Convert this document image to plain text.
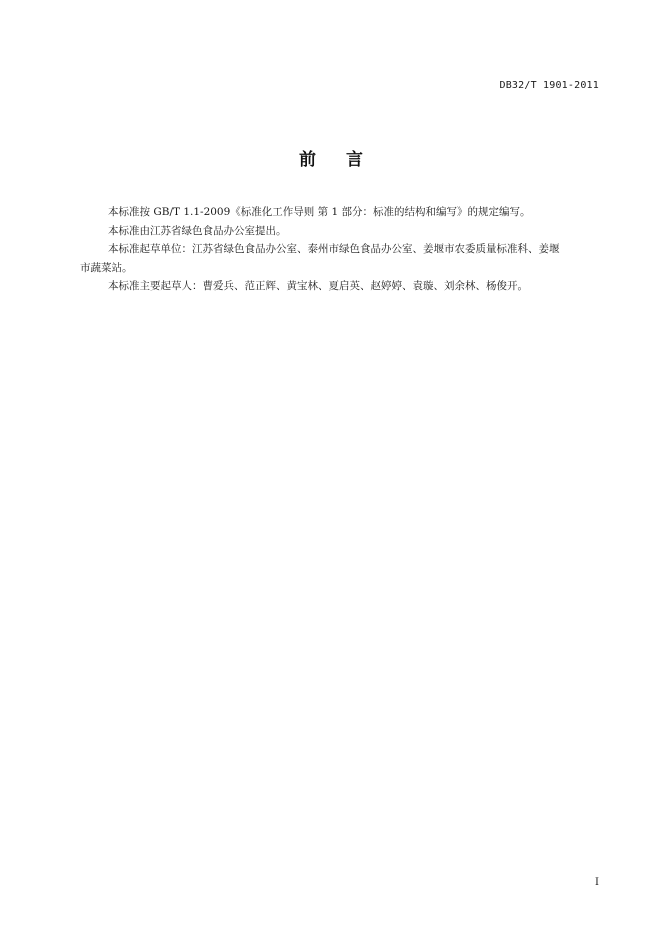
DB32/T 1901-2011
前 言

本标准按 GB/T 1.1-2009《标准化工作导则 第 1 部分：标准的结构和编写》的规定编写。

本标准由江苏省绿色食品办公室提出。

本标准起草单位：江苏省绿色食品办公室、泰州市绿色食品办公室、姜堰市农委质量标准科、姜堰
市蔬菜站。

本标准主要起草人：曹爱兵、范正辉、黄宝林、夏启英、赵婷婷、袁璇、刘余林、杨俊开。

I
